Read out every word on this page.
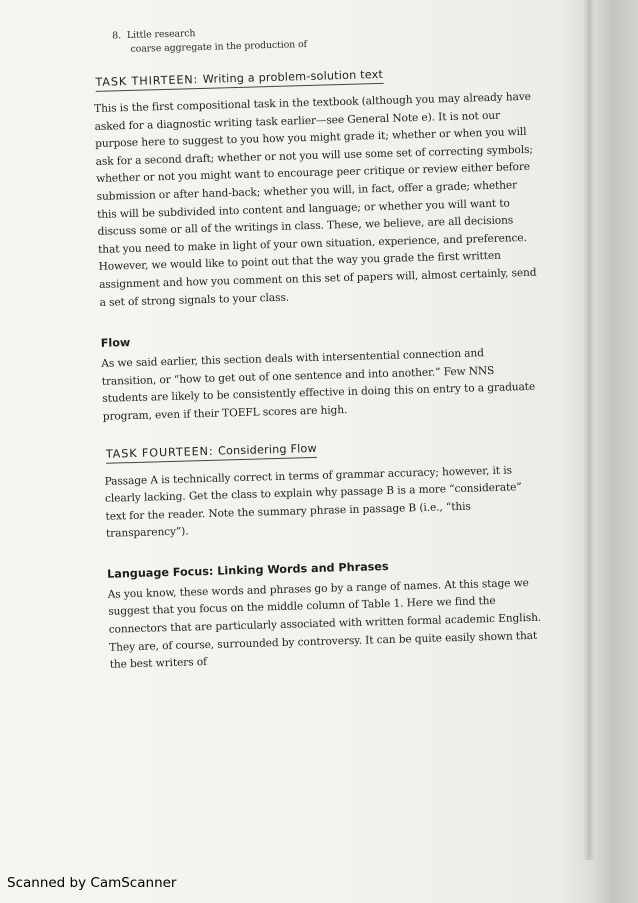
8. Little research
coarse aggregate in the production of
TASK THIRTEEN: Writing a problem-solution text

This is the first compositional task in the textbook (although you may already have asked for a diagnostic writing task earlier—see General Note e). It is not our purpose here to suggest to you how you might grade it; whether or when you will ask for a second draft; whether or not you will use some set of correcting symbols; whether or not you might want to encourage peer critique or review either before submission or after hand-back; whether you will, in fact, offer a grade; whether this will be subdivided into content and language; or whether you will want to discuss some or all of the writings in class. These, we believe, are all decisions that you need to make in light of your own situation, experience, and preference. However, we would like to point out that the way you grade the first written assignment and how you comment on this set of papers will, almost certainly, send a set of strong signals to your class.

Flow

As we said earlier, this section deals with intersentential connection and transition, or “how to get out of one sentence and into another.” Few NNS students are likely to be consistently effective in doing this on entry to a graduate program, even if their TOEFL scores are high.

TASK FOURTEEN: Considering Flow

Passage A is technically correct in terms of grammar accuracy; however, it is clearly lacking. Get the class to explain why passage B is a more “considerate” text for the reader. Note the summary phrase in passage B (i.e., “this transparency”).

Language Focus: Linking Words and Phrases

As you know, these words and phrases go by a range of names. At this stage we suggest that you focus on the middle column of Table 1. Here we find the connectors that are particularly associated with written formal academic English. They are, of course, surrounded by controversy. It can be quite easily shown that the best writers of

Scanned by CamScanner
